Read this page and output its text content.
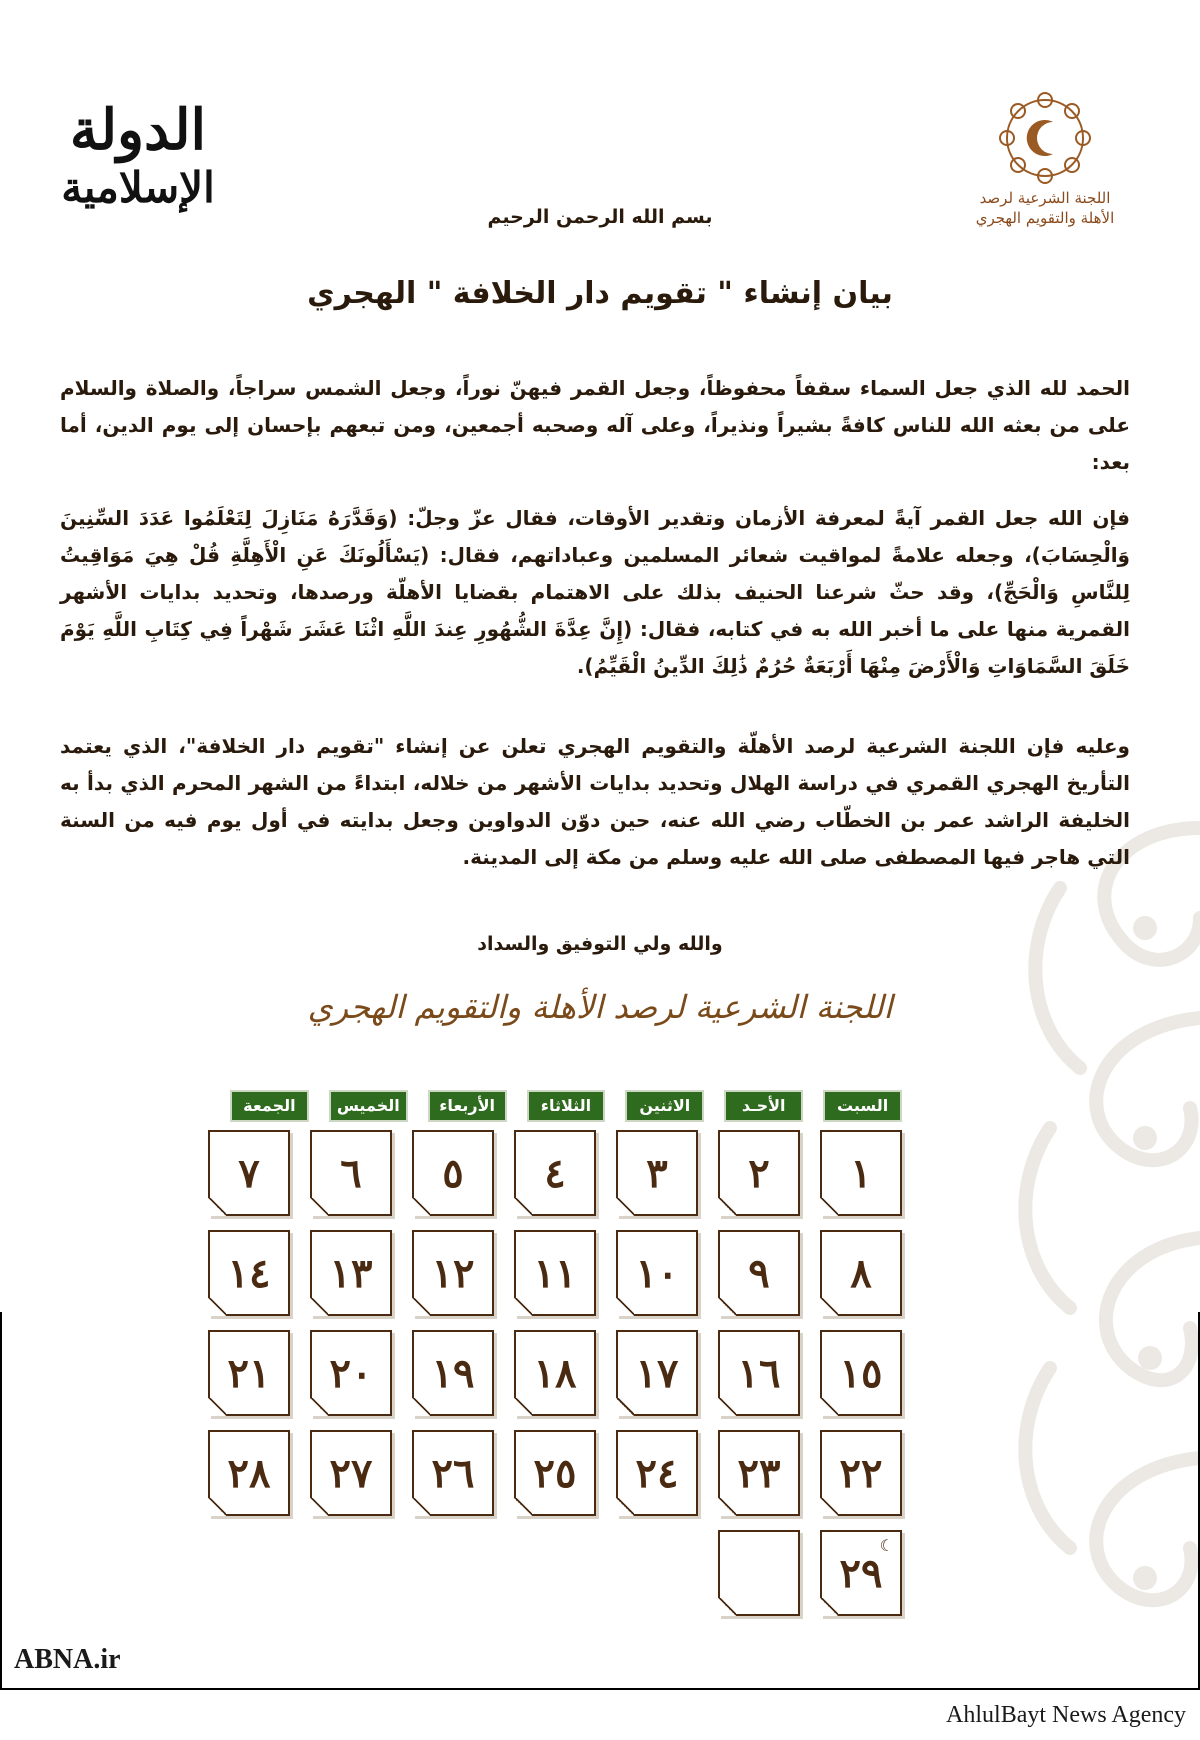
اللجنة الشرعية لرصد
الأهلة والتقويم الهجري
الدولة
الإسلامية
بسم الله الرحمن الرحيم
بيان إنشاء " تقويم دار الخلافة " الهجري
الحمد لله الذي جعل السماء سقفاً محفوظاً، وجعل القمر فيهنّ نوراً، وجعل الشمس سراجاً، والصلاة والسلام على من بعثه الله للناس كافةً بشيراً ونذيراً، وعلى آله وصحبه أجمعين، ومن تبعهم بإحسان إلى يوم الدين، أما بعد:
فإن الله جعل القمر آيةً لمعرفة الأزمان وتقدير الأوقات، فقال عزّ وجلّ: (وَقَدَّرَهُ مَنَازِلَ لِتَعْلَمُوا عَدَدَ السِّنِينَ وَالْحِسَابَ)، وجعله علامةً لمواقيت شعائر المسلمين وعباداتهم، فقال: (يَسْأَلُونَكَ عَنِ الْأَهِلَّةِ قُلْ هِيَ مَوَاقِيتُ لِلنَّاسِ وَالْحَجِّ)، وقد حثّ شرعنا الحنيف بذلك على الاهتمام بقضايا الأهلّة ورصدها، وتحديد بدايات الأشهر القمرية منها على ما أخبر الله به في كتابه، فقال: (إِنَّ عِدَّةَ الشُّهُورِ عِندَ اللَّهِ اثْنَا عَشَرَ شَهْراً فِي كِتَابِ اللَّهِ يَوْمَ خَلَقَ السَّمَاوَاتِ وَالْأَرْضَ مِنْهَا أَرْبَعَةٌ حُرُمٌ ذَٰلِكَ الدِّينُ الْقَيِّمُ).
وعليه فإن اللجنة الشرعية لرصد الأهلّة والتقويم الهجري تعلن عن إنشاء "تقويم دار الخلافة"، الذي يعتمد التأريخ الهجري القمري في دراسة الهلال وتحديد بدايات الأشهر من خلاله، ابتداءً من الشهر المحرم الذي بدأ به الخليفة الراشد عمر بن الخطّاب رضي الله عنه، حين دوّن الدواوين وجعل بدايته في أول يوم فيه من السنة التي هاجر فيها المصطفى صلى الله عليه وسلم من مكة إلى المدينة.
والله ولي التوفيق والسداد
اللجنة الشرعية لرصد الأهلة والتقويم الهجري
السبت
الأحـد
الاثنين
الثلاثاء
الأربعاء
الخميس
الجمعة
١
٢
٣
٤
٥
٦
٧
٨
٩
١٠
١١
١٢
١٣
١٤
١٥
١٦
١٧
١٨
١٩
٢٠
٢١
٢٢
٢٣
٢٤
٢٥
٢٦
٢٧
٢٨
٢٩
☾
ABNA.ir
AhlulBayt News Agency
